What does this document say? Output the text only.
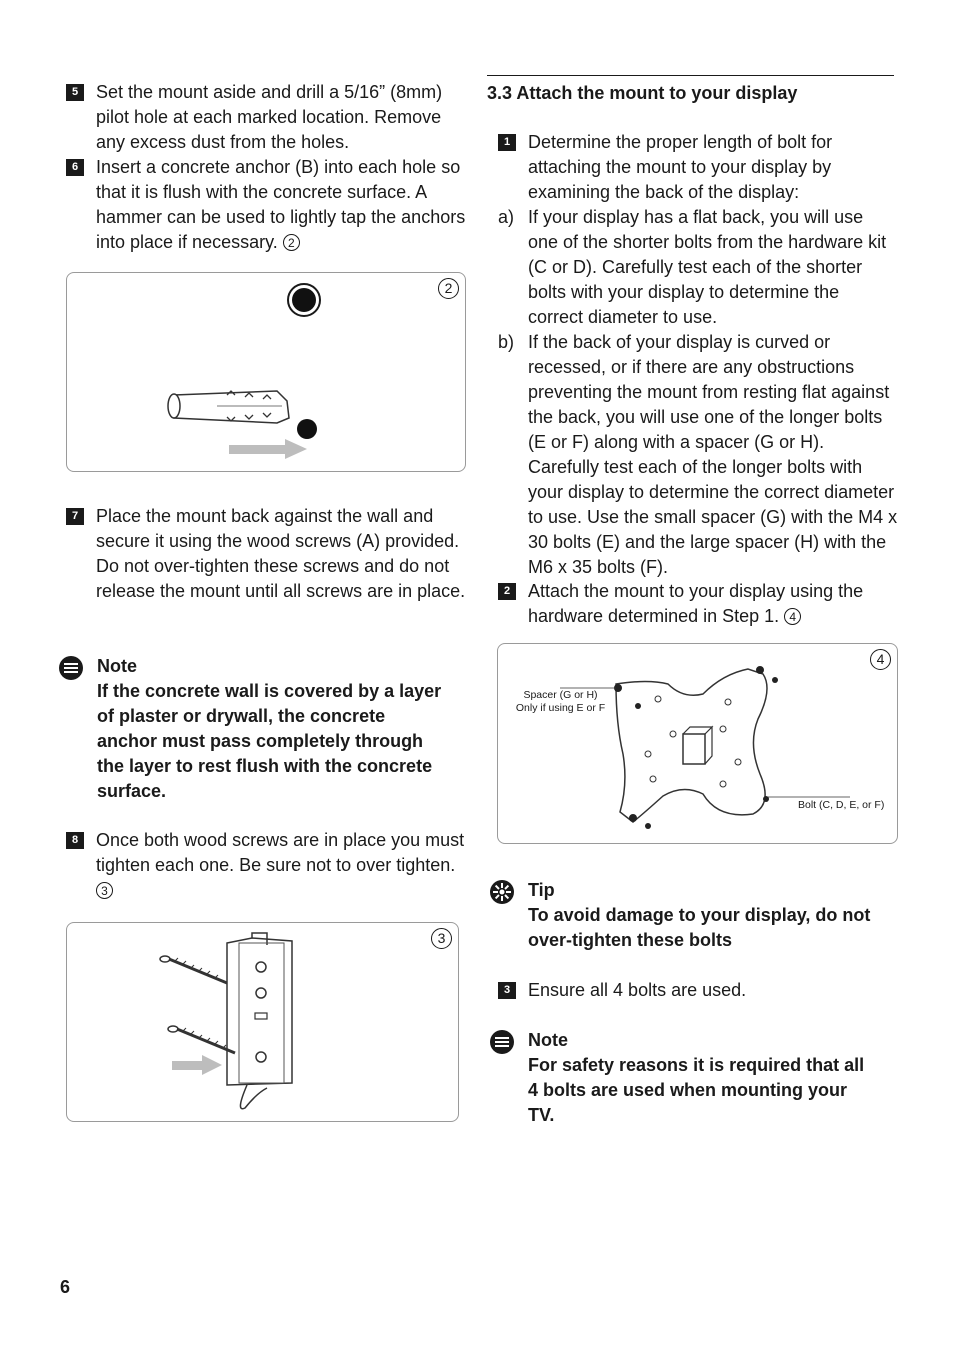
5 Set the mount aside and drill a 5/16” (8mm) pilot hole at each marked location. Remove any excess dust from the holes.
6 Insert a concrete anchor (B) into each hole so that it is flush with the concrete surface. A hammer can be used to lightly tap the anchors into place if necessary. 2
2
7 Place the mount back against the wall and secure it using the wood screws (A) provided. Do not over-tighten these screws and do not release the mount until all screws are in place.
Note
If the concrete wall is covered by a layer of plaster or drywall, the concrete anchor must pass completely through the layer to rest flush with the concrete surface.
8 Once both wood screws are in place you must tighten each one. Be sure not to over tighten. 3
3
3.3 Attach the mount to your display
1 Determine the proper length of bolt for attaching the mount to your display by examining the back of the display:
a) If your display has a flat back, you will use one of the shorter bolts from the hardware kit (C or D). Carefully test each of the shorter bolts with your display to determine the correct diameter to use.
b) If the back of your display is curved or recessed, or if there are any obstructions preventing the mount from resting flat against the back, you will use one of the longer bolts (E or F) along with a spacer (G or H). Carefully test each of the longer bolts with your display to determine the correct diameter to use. Use the small spacer (G) with the M4 x 30 bolts (E) and the large spacer (H) with the M6 x 35 bolts (F).
2 Attach the mount to your display using the hardware determined in Step 1. 4
Spacer (G or H)
Only if using E or F
Bolt (C, D, E, or F)
4
Tip
To avoid damage to your display, do not over-tighten these bolts
3 Ensure all 4 bolts are used.
Note
For safety reasons it is required that all 4 bolts are used when mounting your TV.
6
